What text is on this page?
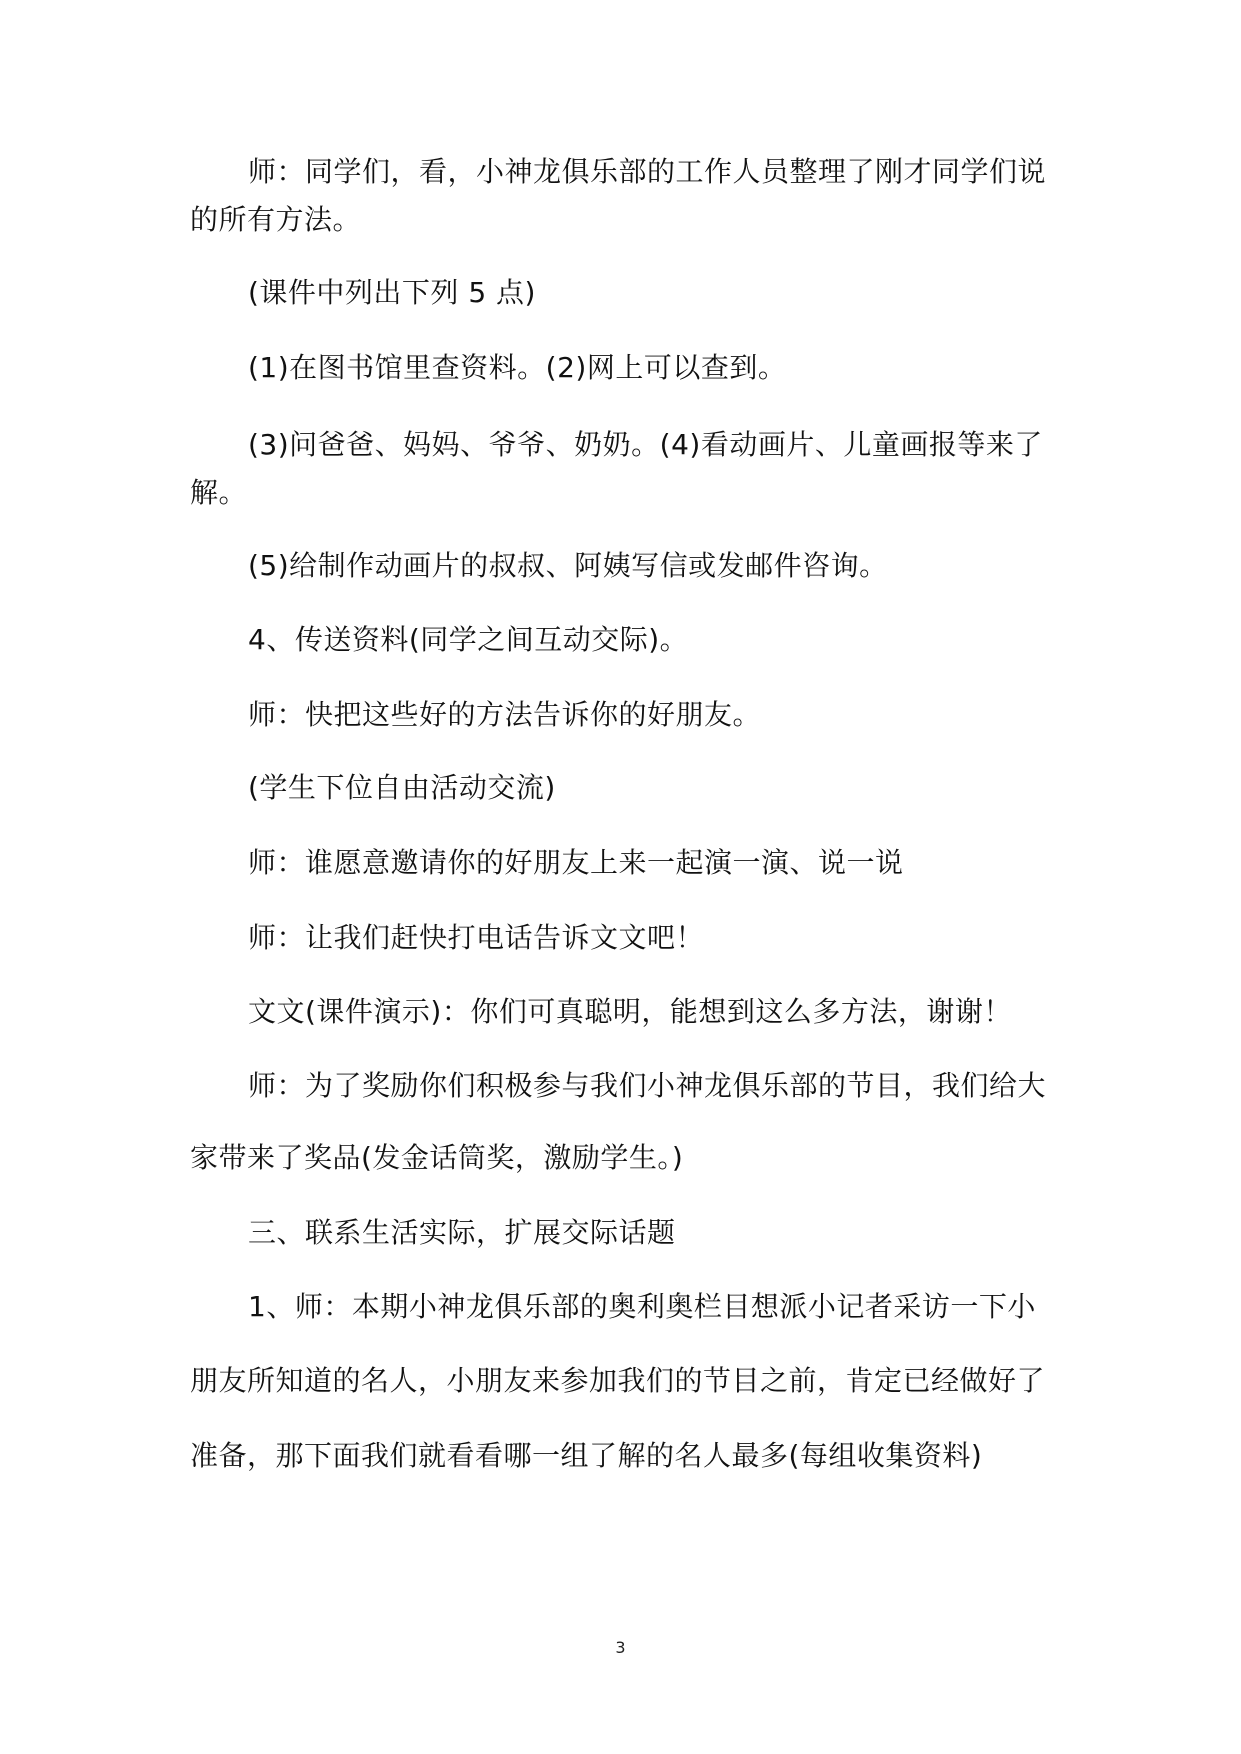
师：同学们，看，小神龙俱乐部的工作人员整理了刚才同学们说
的所有方法。
(课件中列出下列 5 点)
(1)在图书馆里查资料。(2)网上可以查到。
(3)问爸爸、妈妈、爷爷、奶奶。(4)看动画片、儿童画报等来了
解。
(5)给制作动画片的叔叔、阿姨写信或发邮件咨询。
4、传送资料(同学之间互动交际)。
师：快把这些好的方法告诉你的好朋友。
(学生下位自由活动交流)
师：谁愿意邀请你的好朋友上来一起演一演、说一说
师：让我们赶快打电话告诉文文吧！
文文(课件演示)：你们可真聪明，能想到这么多方法，谢谢！
师：为了奖励你们积极参与我们小神龙俱乐部的节目，我们给大
家带来了奖品(发金话筒奖，激励学生。)
三、联系生活实际，扩展交际话题
1、师：本期小神龙俱乐部的奥利奥栏目想派小记者采访一下小
朋友所知道的名人，小朋友来参加我们的节目之前，肯定已经做好了
准备，那下面我们就看看哪一组了解的名人最多(每组收集资料)
3
